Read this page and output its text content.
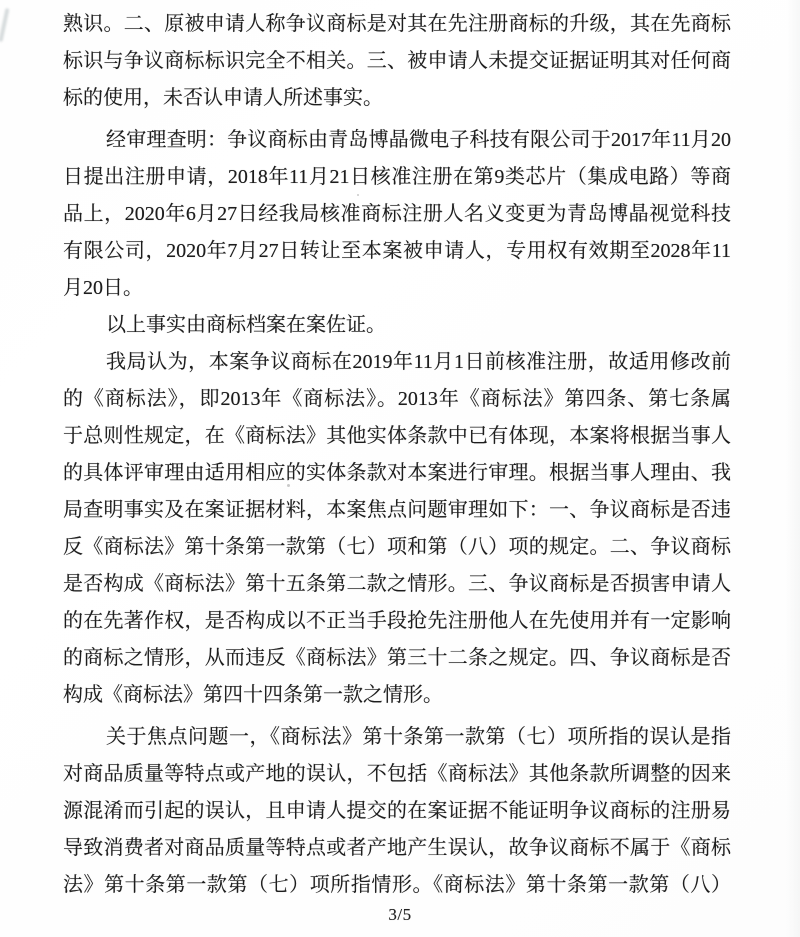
熟识。二、原被申请人称争议商标是对其在先注册商标的升级，其在先商标
标识与争议商标标识完全不相关。三、被申请人未提交证据证明其对任何商
标的使用，未否认申请人所述事实。
经审理查明：争议商标由青岛博晶微电子科技有限公司于2017年11月20
日提出注册申请，2018年11月21日核准注册在第9类芯片（集成电路）等商
品上，2020年6月27日经我局核准商标注册人名义变更为青岛博晶视觉科技
有限公司，2020年7月27日转让至本案被申请人，专用权有效期至2028年11
月20日。
以上事实由商标档案在案佐证。
我局认为，本案争议商标在2019年11月1日前核准注册，故适用修改前
的《商标法》，即2013年《商标法》。2013年《商标法》第四条、第七条属
于总则性规定，在《商标法》其他实体条款中已有体现，本案将根据当事人
的具体评审理由适用相应的实体条款对本案进行审理。根据当事人理由、我
局查明事实及在案证据材料，本案焦点问题审理如下：一、争议商标是否违
反《商标法》第十条第一款第（七）项和第（八）项的规定。二、争议商标
是否构成《商标法》第十五条第二款之情形。三、争议商标是否损害申请人
的在先著作权，是否构成以不正当手段抢先注册他人在先使用并有一定影响
的商标之情形，从而违反《商标法》第三十二条之规定。四、争议商标是否
构成《商标法》第四十四条第一款之情形。
关于焦点问题一，《商标法》第十条第一款第（七）项所指的误认是指
对商品质量等特点或产地的误认，不包括《商标法》其他条款所调整的因来
源混淆而引起的误认，且申请人提交的在案证据不能证明争议商标的注册易
导致消费者对商品质量等特点或者产地产生误认，故争议商标不属于《商标
法》第十条第一款第（七）项所指情形。《商标法》第十条第一款第（八）
3/5
